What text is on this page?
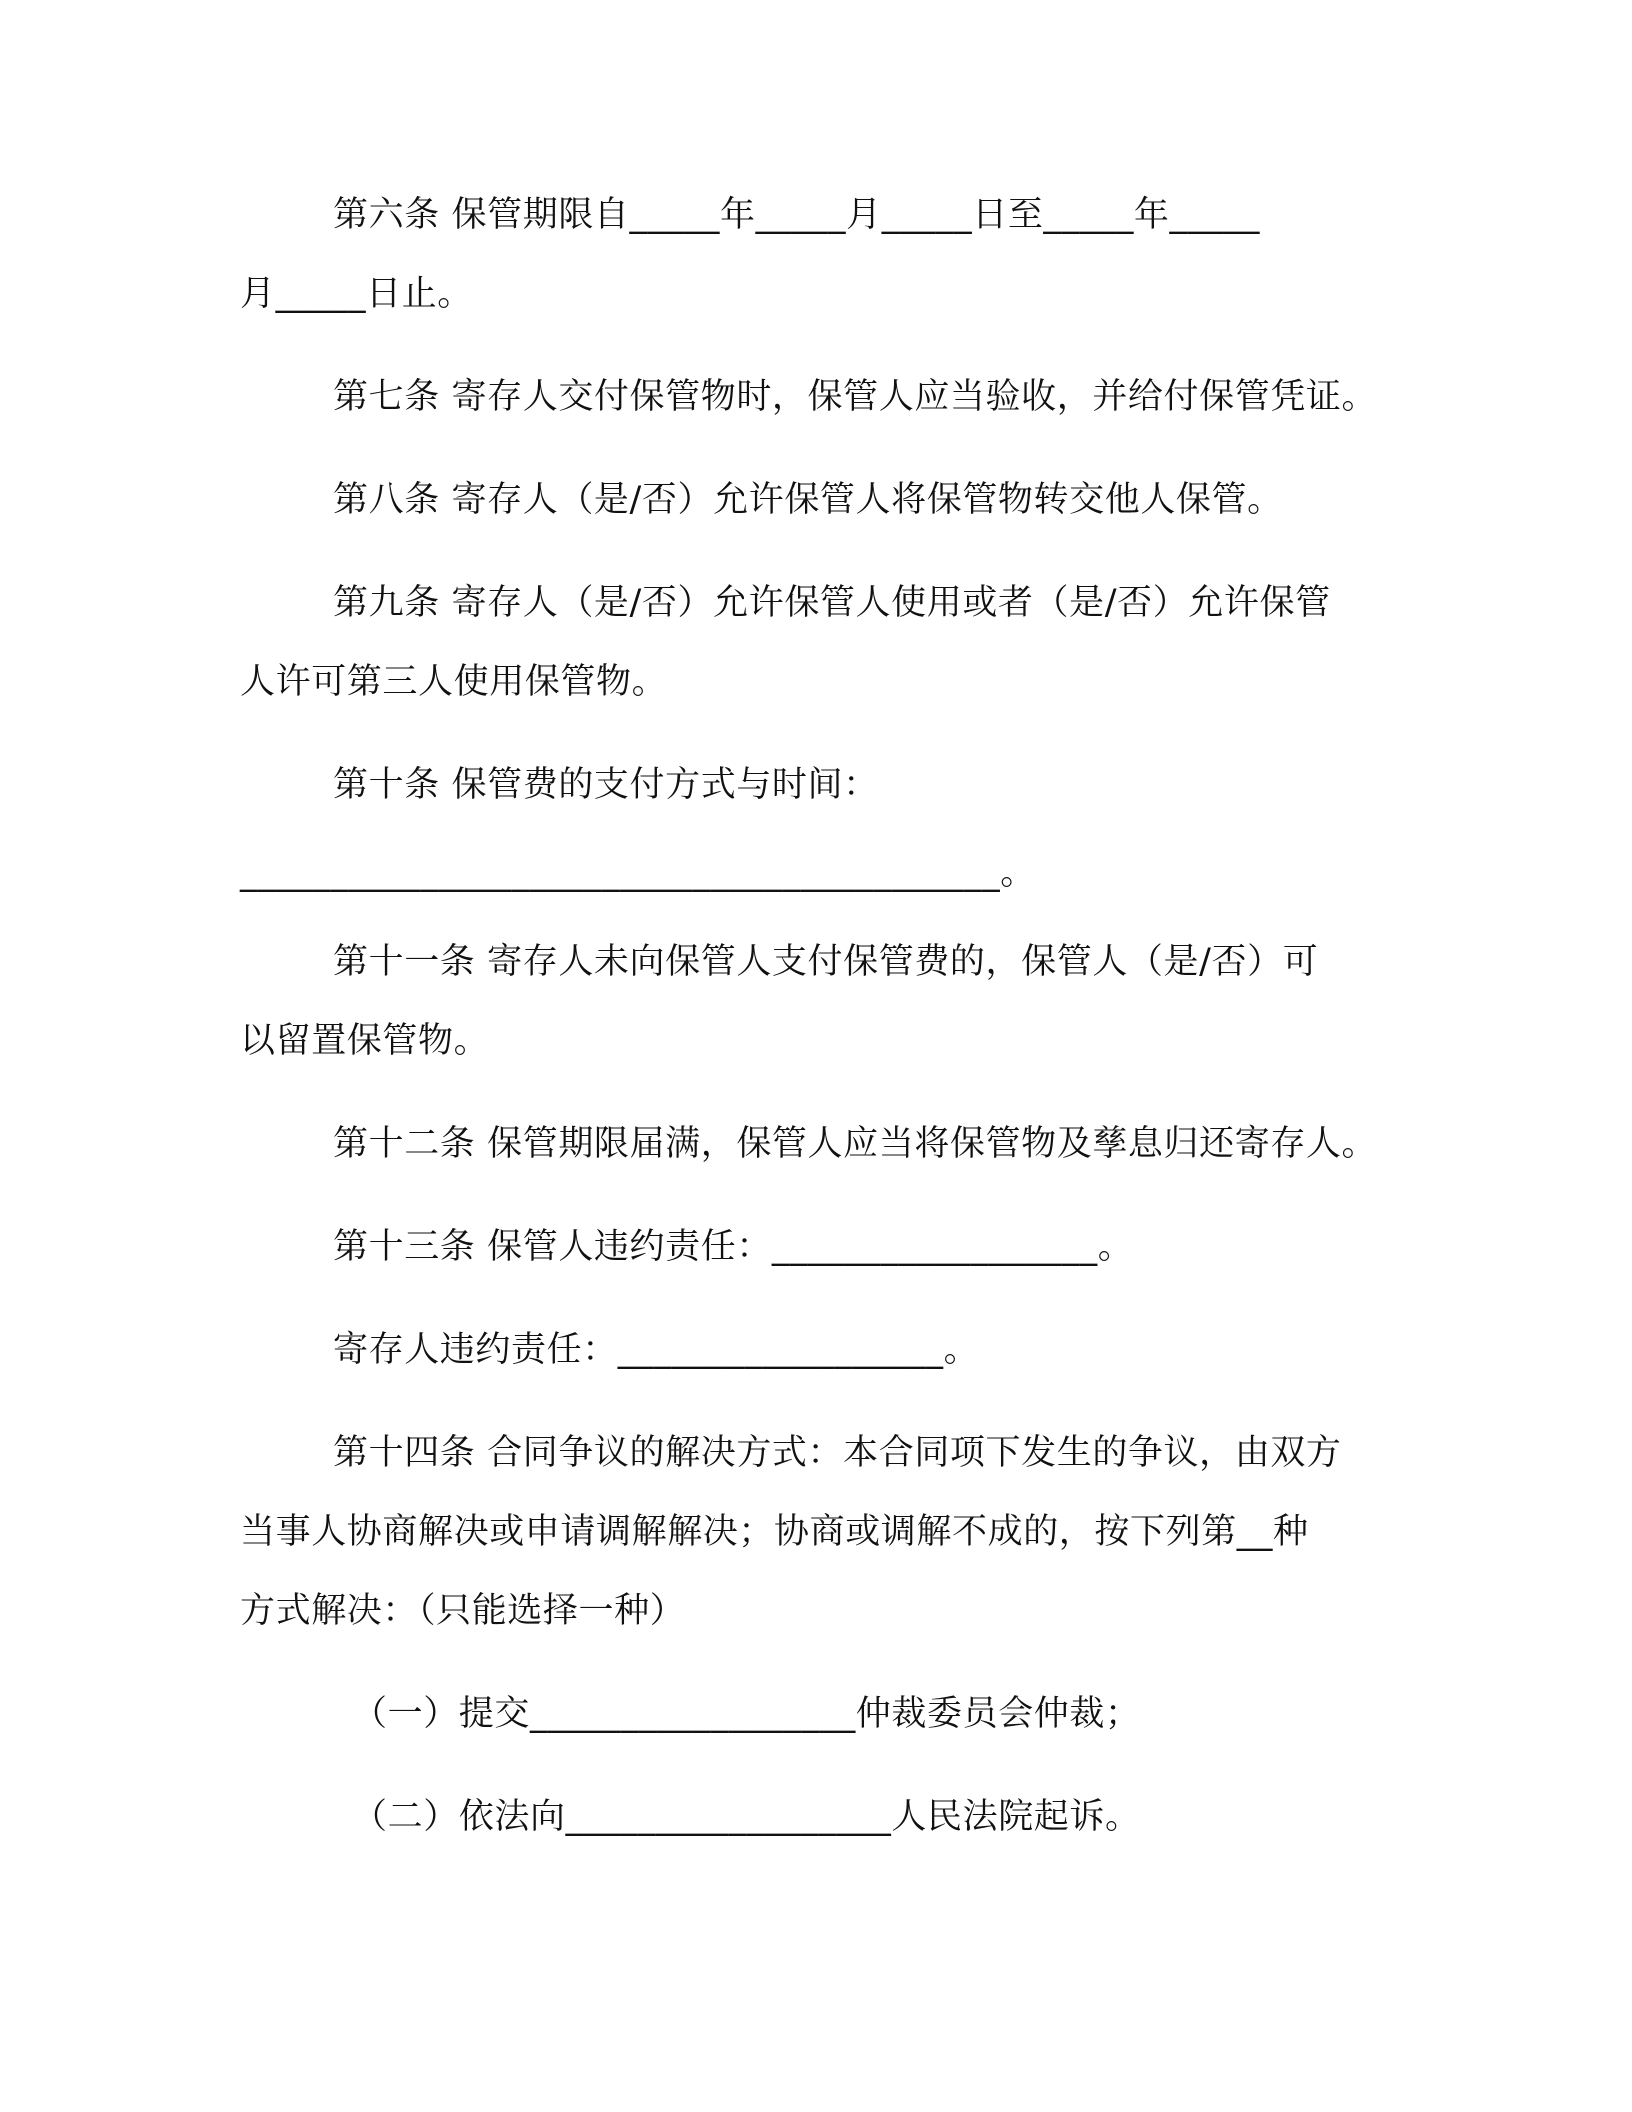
第六条 保管期限自_____年_____月_____日至_____年_____
月_____日止。
第七条 寄存人交付保管物时，保管人应当验收，并给付保管凭证。
第八条 寄存人（是/否）允许保管人将保管物转交他人保管。
第九条 寄存人（是/否）允许保管人使用或者（是/否）允许保管
人许可第三人使用保管物。
第十条 保管费的支付方式与时间：
__________________________________________。
第十一条 寄存人未向保管人支付保管费的，保管人（是/否）可
以留置保管物。
第十二条 保管期限届满，保管人应当将保管物及孳息归还寄存人。
第十三条 保管人违约责任：__________________。
寄存人违约责任：__________________。
第十四条 合同争议的解决方式：本合同项下发生的争议，由双方
当事人协商解决或申请调解解决；协商或调解不成的，按下列第__种
方式解决：（只能选择一种）
（一）提交__________________仲裁委员会仲裁；
（二）依法向__________________人民法院起诉。
